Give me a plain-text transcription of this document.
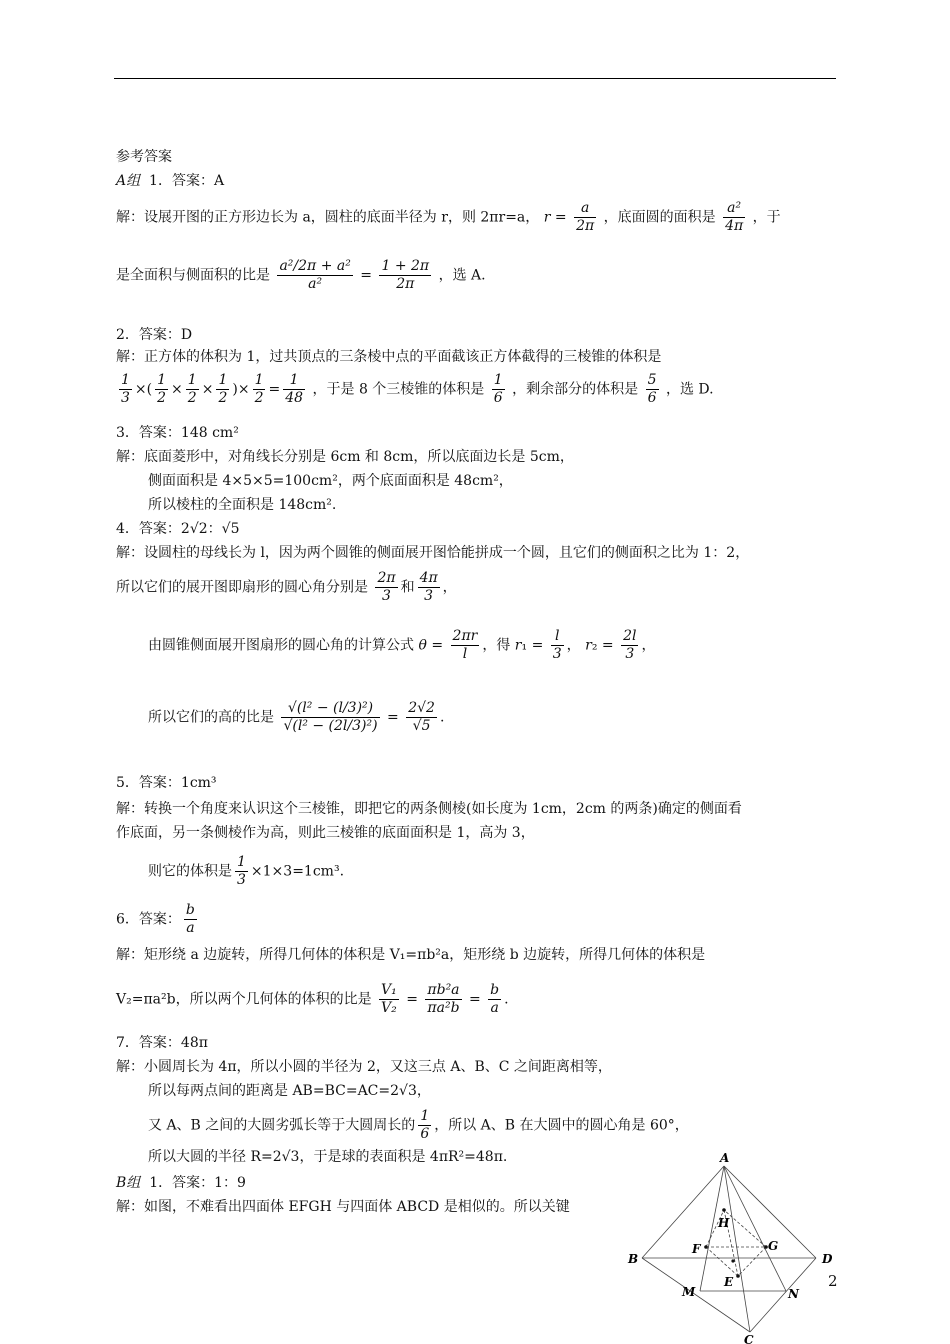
参考答案
A组 1．答案：A
解：设展开图的正方形边长为 a，圆柱的底面半径为 r，则 2πr=a， $r = \frac{a}{2\pi}$ ，底面圆的面积是 $\frac{\text{a²}}{4\pi}$ ，于
是全面积与侧面积的比是 $\frac{\text{a²/2π + a²}}{\text{a²}} = \frac{1 + 2\pi}{2\pi}$ ，选 A.
2．答案：D
解：正方体的体积为 1，过共顶点的三条棱中点的平面截该正方体截得的三棱锥的体积是
$\frac{1}{3}$ ×( $\frac{1}{2} \times \frac{1}{2} \times \frac{1}{2}$ )× $\frac{1}{2} = \frac{1}{48}$ ，于是 8 个三棱锥的体积是 $\frac{1}{6}$ ，剩余部分的体积是 $\frac{5}{6}$ ，选 D.
3．答案：148 cm²
解：底面菱形中，对角线长分别是 6cm 和 8cm，所以底面边长是 5cm，
侧面面积是 4×5×5=100cm²，两个底面面积是 48cm²，
所以棱柱的全面积是 148cm².
4．答案：2√2：√5
解：设圆柱的母线长为 l，因为两个圆锥的侧面展开图恰能拼成一个圆，且它们的侧面积之比为 1：2，
所以它们的展开图即扇形的圆心角分别是 $\frac{2\pi}{3}$ 和 $\frac{4\pi}{3}$ ，
由圆锥侧面展开图扇形的圆心角的计算公式 $\theta = \frac{2\pi r}{l}$ ，得 $r_1 = \frac{l}{3}$ ， $r_2 = \frac{2l}{3}$ ，
所以它们的高的比是 $\frac{\text{√(l² − (l/3)²)}}{\text{√(l² − (2l/3)²)}} = \frac{2√2}{√5}$ .
5．答案：1cm³
解：转换一个角度来认识这个三棱锥，即把它的两条侧棱(如长度为 1cm，2cm 的两条)确定的侧面看
作底面，另一条侧棱作为高，则此三棱锥的底面面积是 1，高为 3，
则它的体积是 $\frac{1}{3} \times 1\times 3=1cm^3$.
6．答案： $\frac{b}{a}$
解：矩形绕 a 边旋转，所得几何体的体积是 V₁=πb²a，矩形绕 b 边旋转，所得几何体的体积是
V₂=πa²b，所以两个几何体的体积的比是 $\frac{\text{V₁}}{\text{V₂}} = \frac{\text{πb²a}}{\text{πa²b}} = \frac{b}{a}$ .
7．答案：48π
解：小圆周长为 4π，所以小圆的半径为 2，又这三点 A、B、C 之间距离相等，
所以每两点间的距离是 AB=BC=AC=2√3，
又 A、B 之间的大圆劣弧长等于大圆周长的 $\frac{1}{6}$ ，所以 A、B 在大圆中的圆心角是 60°，
所以大圆的半径 R=2√3，于是球的表面积是 4πR²=48π.
B组 1．答案：1：9
解：如图，不难看出四面体 EFGH 与四面体 ABCD 是相似的。所以关键
A
H
F	G
B	D
E
M	N
C
2
